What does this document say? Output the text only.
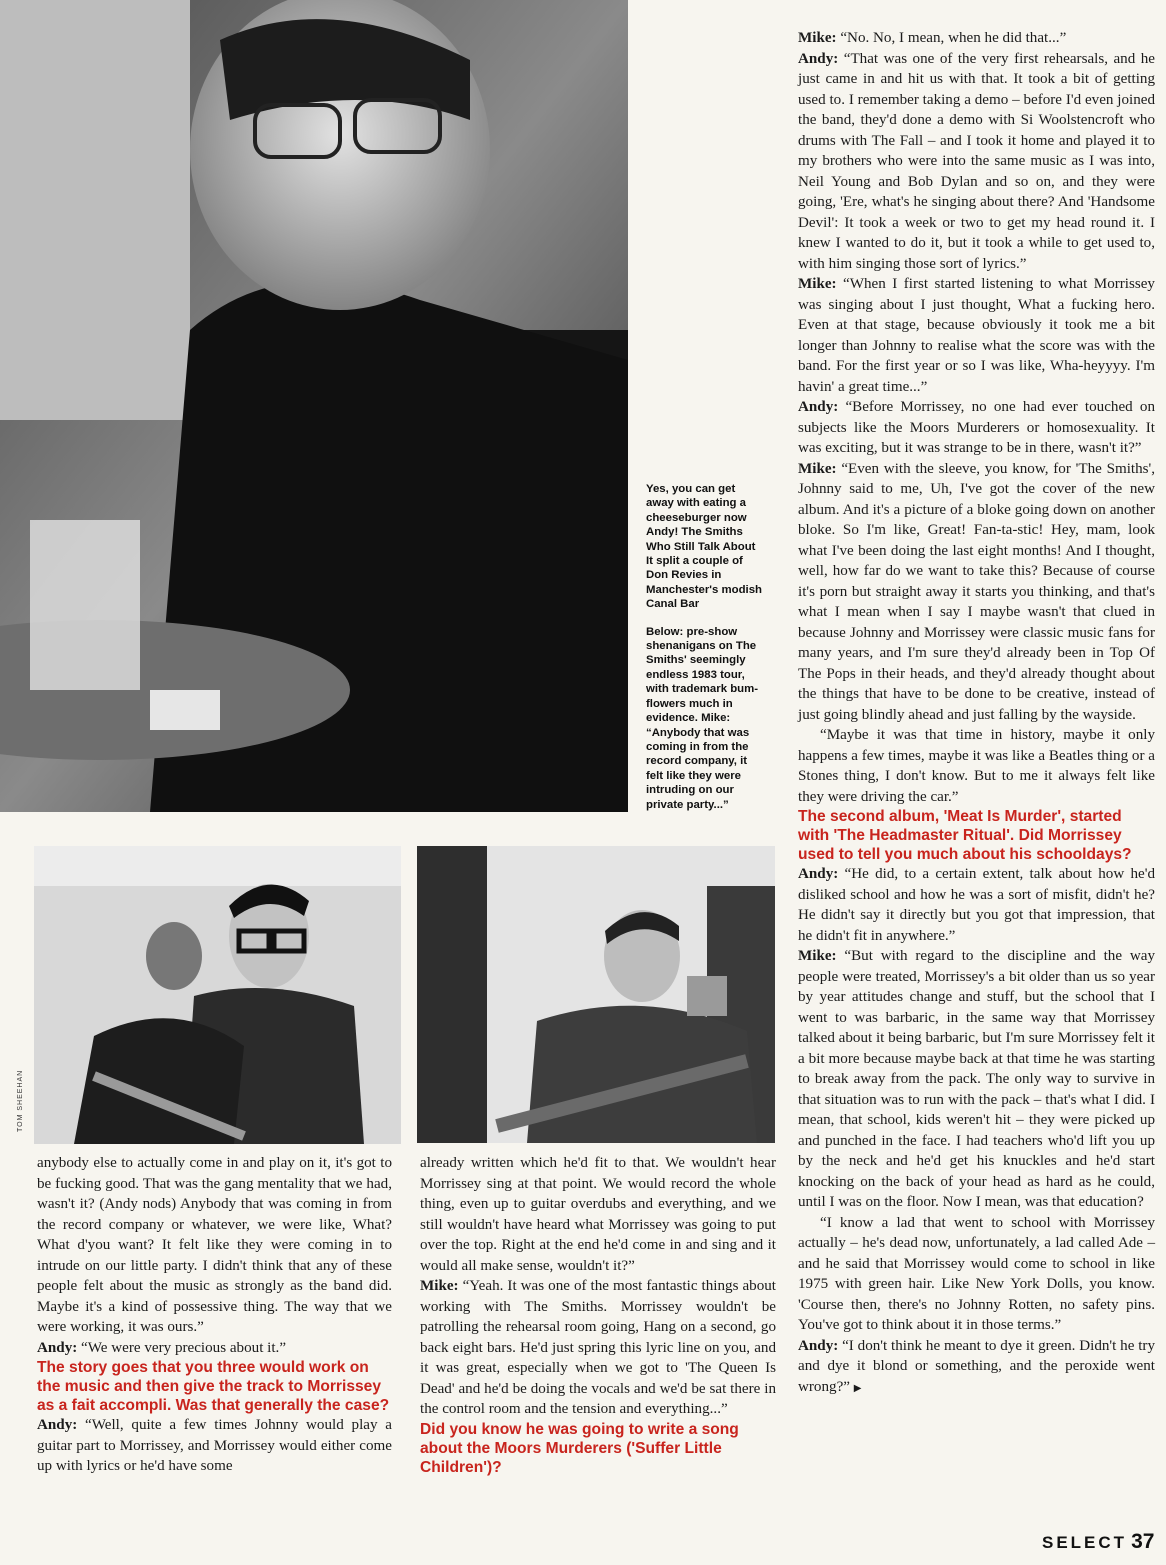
Yes, you can get away with eating a cheeseburger now Andy! The Smiths Who Still Talk About It split a couple of Don Revies in Manchester's modish Canal Bar

Below: pre-show shenanigans on The Smiths' seemingly endless 1983 tour, with trademark bum-flowers much in evidence. Mike: “Anybody that was coming in from the record company, it felt like they were intruding on our private party...”

TOM SHEEHAN

anybody else to actually come in and play on it, it's got to be fucking good. That was the gang mentality that we had, wasn't it? (Andy nods) Anybody that was coming in from the record company or whatever, we were like, What? What d'you want? It felt like they were coming in to intrude on our little party. I didn't think that any of these people felt about the music as strongly as the band did. Maybe it's a kind of possessive thing. The way that we were working, it was ours.”

Andy: “We were very precious about it.”

The story goes that you three would work on the music and then give the track to Morrissey as a fait accompli. Was that generally the case?

Andy: “Well, quite a few times Johnny would play a guitar part to Morrissey, and Morrissey would either come up with lyrics or he'd have some

already written which he'd fit to that. We wouldn't hear Morrissey sing at that point. We would record the whole thing, even up to guitar overdubs and everything, and we still wouldn't have heard what Morrissey was going to put over the top. Right at the end he'd come in and sing and it would all make sense, wouldn't it?”

Mike: “Yeah. It was one of the most fantastic things about working with The Smiths. Morrissey wouldn't be patrolling the rehearsal room going, Hang on a second, go back eight bars. He'd just spring this lyric line on you, and it was great, especially when we got to 'The Queen Is Dead' and he'd be doing the vocals and we'd be sat there in the control room and the tension and everything...”

Did you know he was going to write a song about the Moors Murderers ('Suffer Little Children')?

Mike: “No. No, I mean, when he did that...”

Andy: “That was one of the very first rehearsals, and he just came in and hit us with that. It took a bit of getting used to. I remember taking a demo – before I'd even joined the band, they'd done a demo with Si Woolstencroft who drums with The Fall – and I took it home and played it to my brothers who were into the same music as I was into, Neil Young and Bob Dylan and so on, and they were going, 'Ere, what's he singing about there? And 'Handsome Devil': It took a week or two to get my head round it. I knew I wanted to do it, but it took a while to get used to, with him singing those sort of lyrics.”

Mike: “When I first started listening to what Morrissey was singing about I just thought, What a fucking hero. Even at that stage, because obviously it took me a bit longer than Johnny to realise what the score was with the band. For the first year or so I was like, Wha-heyyyy. I'm havin' a great time...”

Andy: “Before Morrissey, no one had ever touched on subjects like the Moors Murderers or homosexuality. It was exciting, but it was strange to be in there, wasn't it?”

Mike: “Even with the sleeve, you know, for 'The Smiths', Johnny said to me, Uh, I've got the cover of the new album. And it's a picture of a bloke going down on another bloke. So I'm like, Great! Fan-ta-stic! Hey, mam, look what I've been doing the last eight months! And I thought, well, how far do we want to take this? Because of course it's porn but straight away it starts you thinking, and that's what I mean when I say I maybe wasn't that clued in because Johnny and Morrissey were classic music fans for many years, and I'm sure they'd already been in Top Of The Pops in their heads, and they'd already thought about the things that have to be done to be creative, instead of just going blindly ahead and just falling by the wayside.

“Maybe it was that time in history, maybe it only happens a few times, maybe it was like a Beatles thing or a Stones thing, I don't know. But to me it always felt like they were driving the car.”

The second album, 'Meat Is Murder', started with 'The Headmaster Ritual'. Did Morrissey used to tell you much about his schooldays?

Andy: “He did, to a certain extent, talk about how he'd disliked school and how he was a sort of misfit, didn't he? He didn't say it directly but you got that impression, that he didn't fit in anywhere.”

Mike: “But with regard to the discipline and the way people were treated, Morrissey's a bit older than us so year by year attitudes change and stuff, but the school that I went to was barbaric, in the same way that Morrissey talked about it being barbaric, but I'm sure Morrissey felt it a bit more because maybe back at that time he was starting to break away from the pack. The only way to survive in that situation was to run with the pack – that's what I did. I mean, that school, kids weren't hit – they were picked up and punched in the face. I had teachers who'd lift you up by the neck and he'd get his knuckles and he'd start knocking on the back of your head as hard as he could, until I was on the floor. Now I mean, was that education?

“I know a lad that went to school with Morrissey actually – he's dead now, unfortunately, a lad called Ade – and he said that Morrissey would come to school in like 1975 with green hair. Like New York Dolls, you know. 'Course then, there's no Johnny Rotten, no safety pins. You've got to think about it in those terms.”

Andy: “I don't think he meant to dye it green. Didn't he try and dye it blond or something, and the peroxide went wrong?” ▶

SELECT 37
